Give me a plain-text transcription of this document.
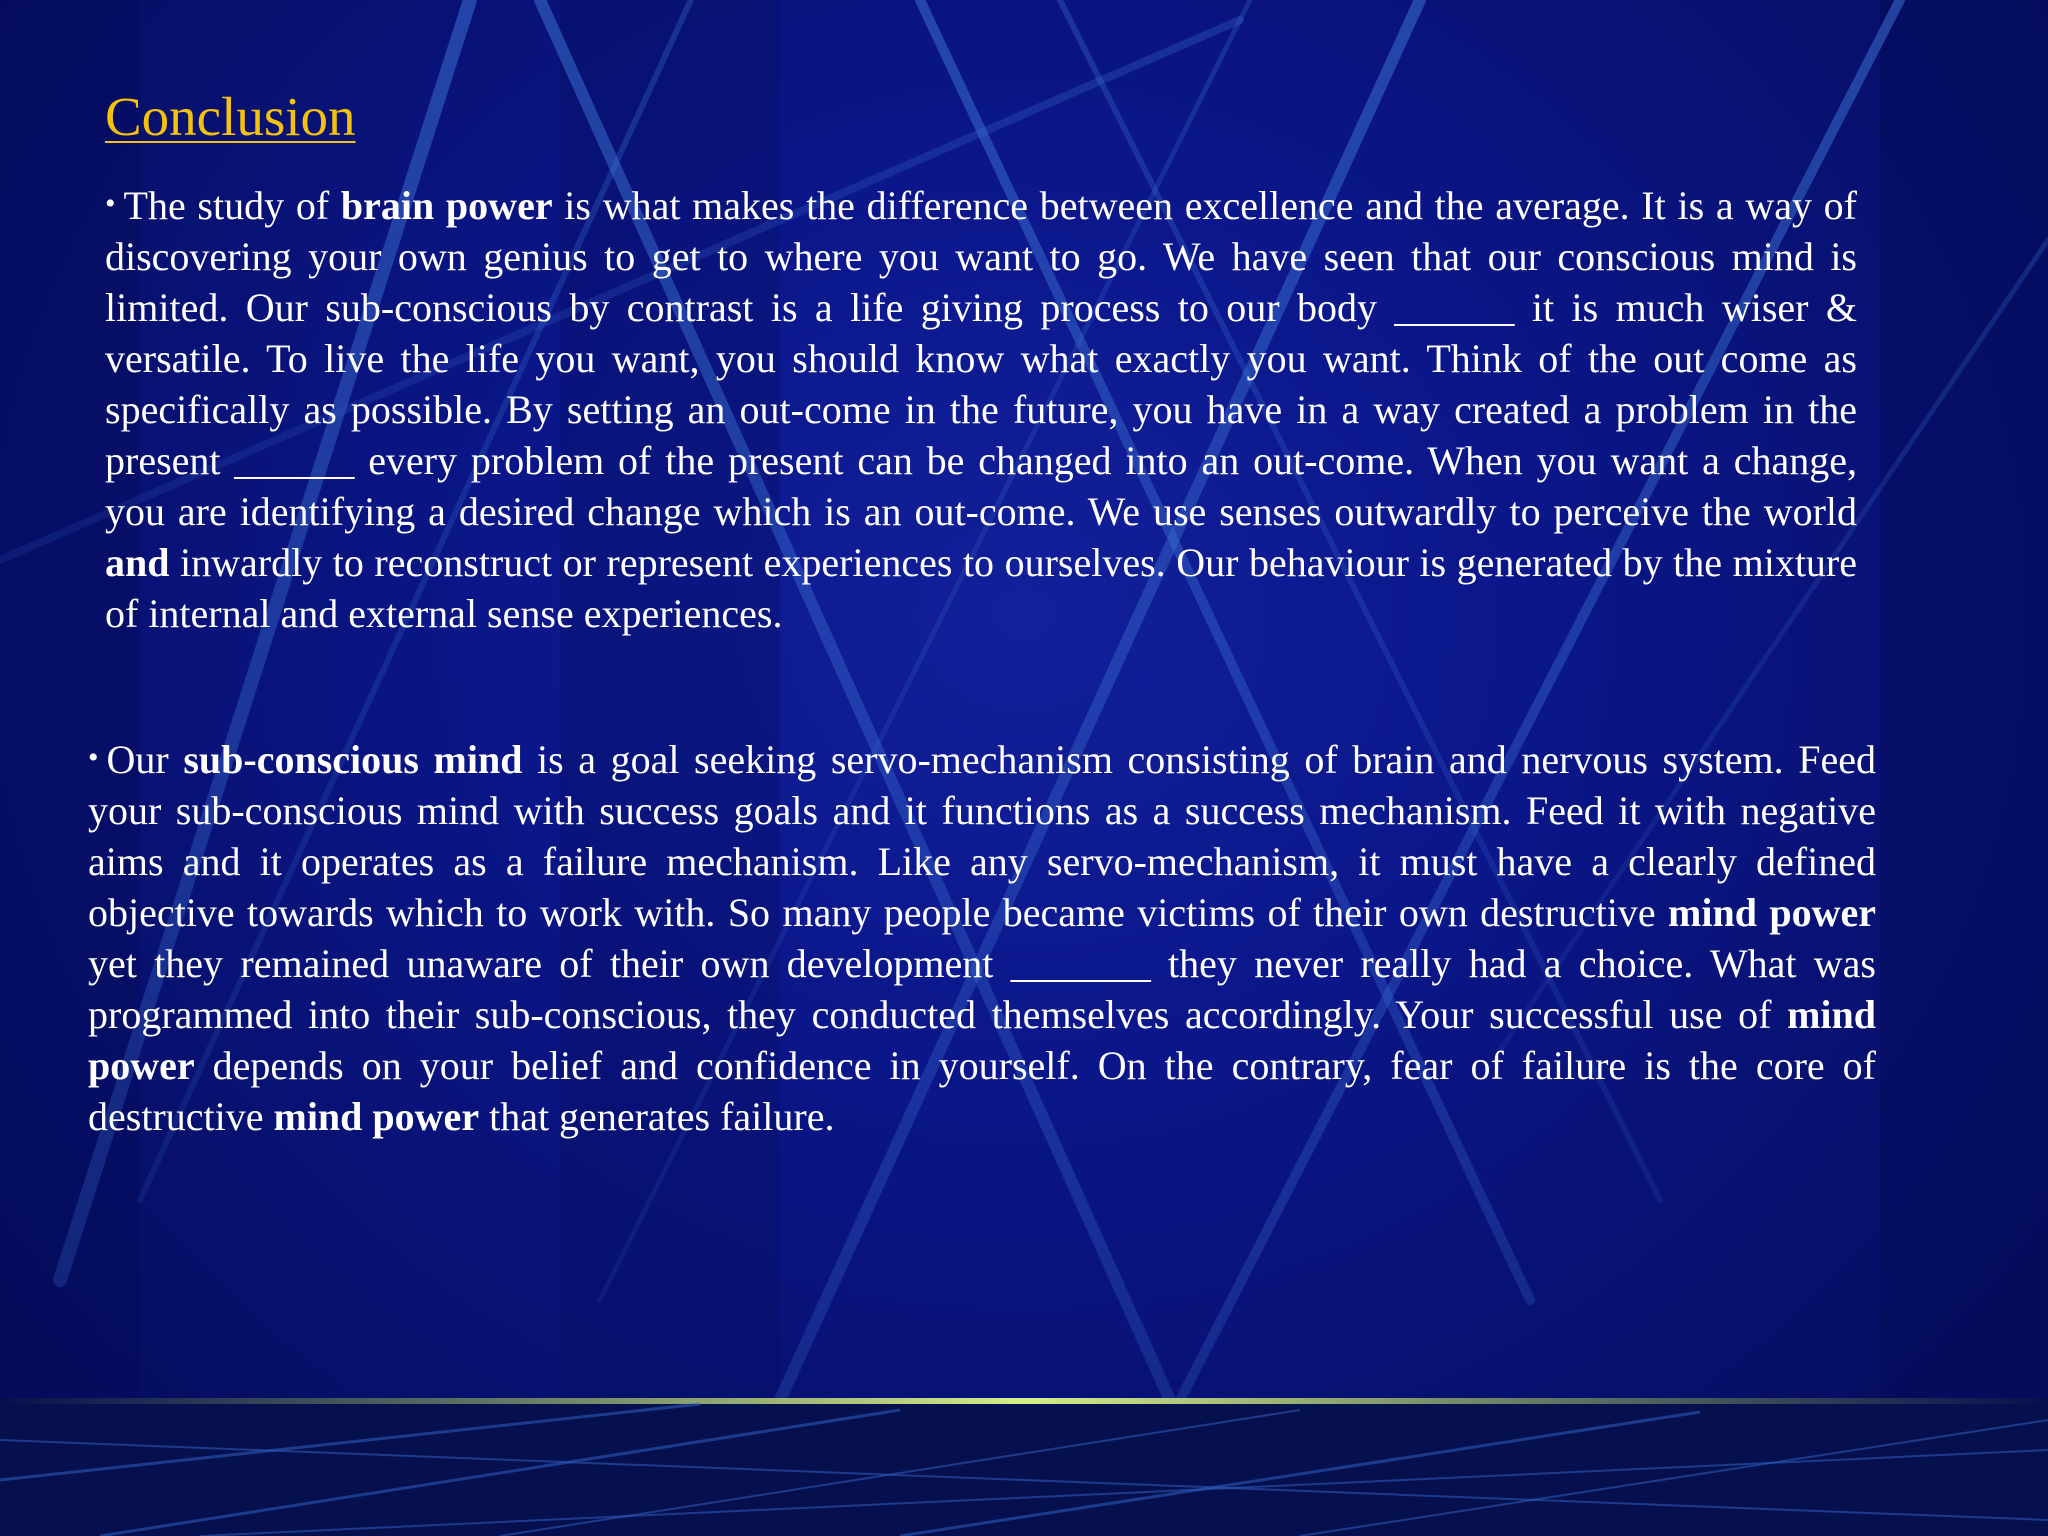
Conclusion

• The study of brain power is what makes the difference between excellence and the average. It is a way of discovering your own genius to get to where you want to go. We have seen that our conscious mind is limited. Our sub-conscious by contrast is a life giving process to our body ______ it is much wiser & versatile. To live the life you want, you should know what exactly you want. Think of the out come as specifically as possible. By setting an out-come in the future, you have in a way created a problem in the present ______ every problem of the present can be changed into an out-come. When you want a change, you are identifying a desired change which is an out-come. We use senses outwardly to perceive the world and inwardly to reconstruct or represent experiences to ourselves. Our behaviour is generated by the mixture of internal and external sense experiences.

• Our sub-conscious mind is a goal seeking servo-mechanism consisting of brain and nervous system. Feed your sub-conscious mind with success goals and it functions as a success mechanism. Feed it with negative aims and it operates as a failure mechanism. Like any servo-mechanism, it must have a clearly defined objective towards which to work with. So many people became victims of their own destructive mind power yet they remained unaware of their own development _______ they never really had a choice. What was programmed into their sub-conscious, they conducted themselves accordingly. Your successful use of mind power depends on your belief and confidence in yourself. On the contrary, fear of failure is the core of destructive mind power that generates failure.
